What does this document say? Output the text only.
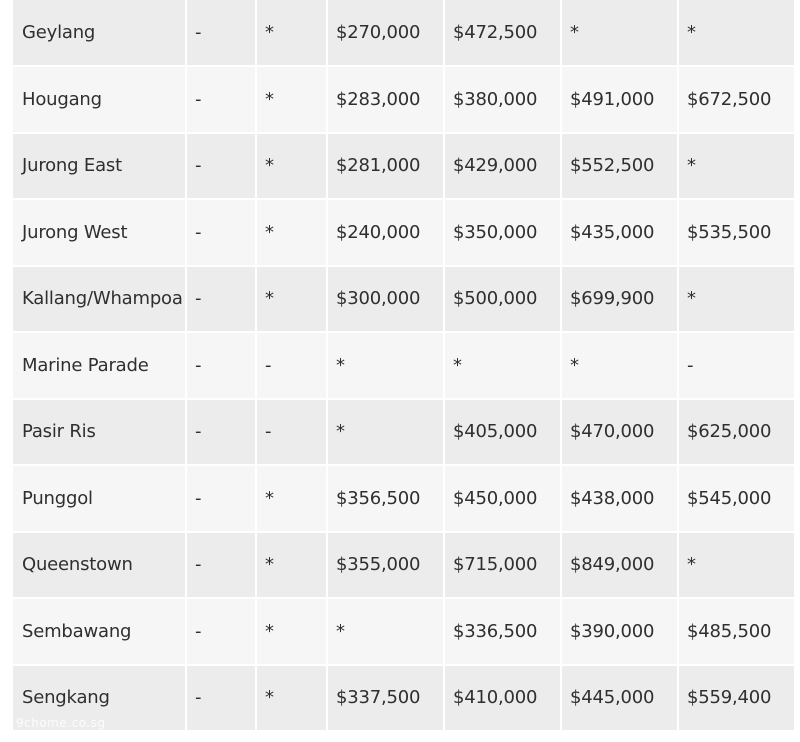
Geylang	-	*	$270,000	$472,500	*	*
Hougang	-	*	$283,000	$380,000	$491,000	$672,500
Jurong East	-	*	$281,000	$429,000	$552,500	*
Jurong West	-	*	$240,000	$350,000	$435,000	$535,500
Kallang/Whampoa	-	*	$300,000	$500,000	$699,900	*
Marine Parade	-	-	*	*	*	-
Pasir Ris	-	-	*	$405,000	$470,000	$625,000
Punggol	-	*	$356,500	$450,000	$438,000	$545,000
Queenstown	-	*	$355,000	$715,000	$849,000	*
Sembawang	-	*	*	$336,500	$390,000	$485,500
Sengkang	-	*	$337,500	$410,000	$445,000	$559,400
9chome.co.sg
